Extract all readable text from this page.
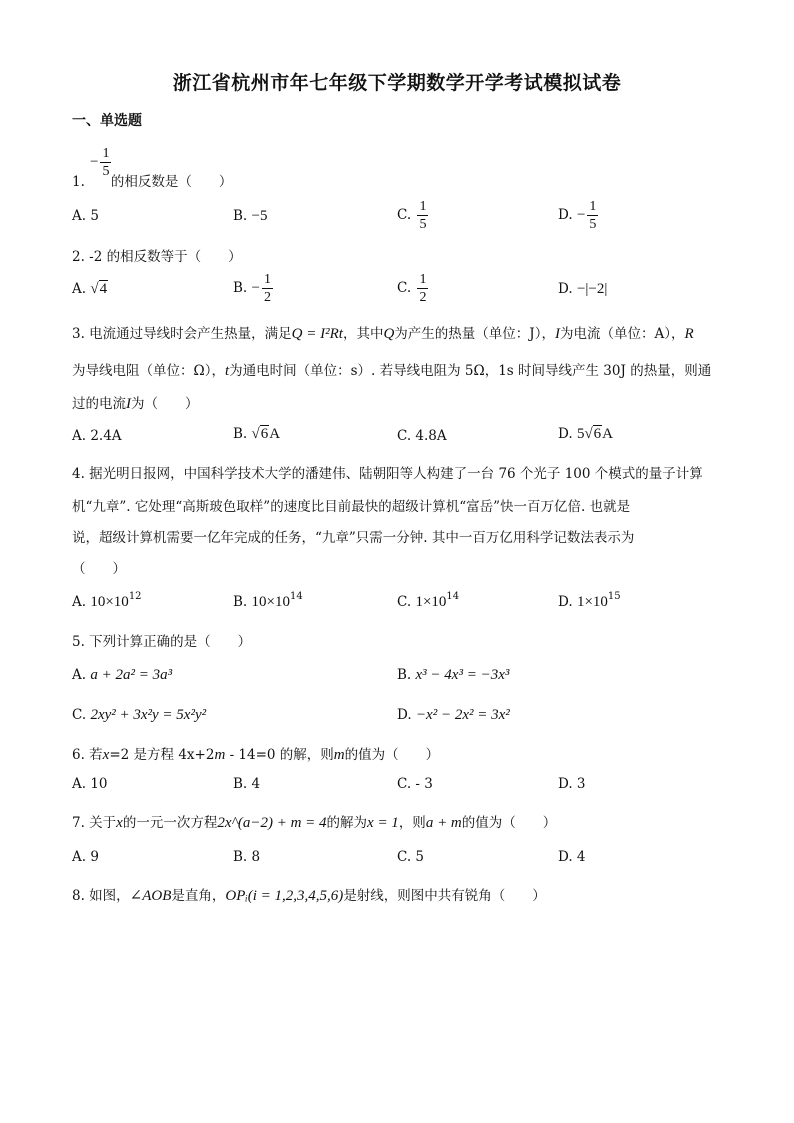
浙江省杭州市年七年级下学期数学开学考试模拟试卷
一、单选题
− $\frac{1}{5}$
1. 的相反数是（　　）
A. 5	B. −5	C. $\frac{1}{5}$	D. − $\frac{1}{5}$
2. -2 的相反数等于（　　）
A. √4	B. − $\frac{1}{2}$	C. $\frac{1}{2}$	D. −|−2|
3. 电流通过导线时会产生热量，满足Q = I²Rt，其中Q为产生的热量（单位：J），I为电流（单位：A），R
为导线电阻（单位：Ω），t为通电时间（单位：s）. 若导线电阻为 5Ω，1s 时间导线产生 30J 的热量，则通
过的电流I为（　　）
A. 2.4A	B. √6A	C. 4.8A	D. 5√6A
4. 据光明日报网，中国科学技术大学的潘建伟、陆朝阳等人构建了一台 76 个光子 100 个模式的量子计算
机“九章”. 它处理“高斯玻色取样”的速度比目前最快的超级计算机“富岳”快一百万亿倍. 也就是
说，超级计算机需要一亿年完成的任务，“九章”只需一分钟. 其中一百万亿用科学记数法表示为
（　　）
A. $10\times 10^{12}$	B. $10\times 10^{14}$	C. $1\times 10^{14}$	D. $1\times 10^{15}$
5. 下列计算正确的是（　　）
A. a + 2a² = 3a³	B. x³ − 4x³ = −3x³
C. 2xy² + 3x²y = 5x²y²	D. −x² − 2x² = 3x²
6. 若x=2 是方程 4x+2m - 14=0 的解，则m的值为（　　）
A. 10	B. 4	C. - 3	D. 3
7. 关于x的一元一次方程2x^(a−2) + m = 4的解为x = 1，则a + m的值为（　　）
A. 9	B. 8	C. 5	D. 4
8. 如图，∠AOB是直角，OPᵢ(i = 1,2,3,4,5,6)是射线，则图中共有锐角（　　）
